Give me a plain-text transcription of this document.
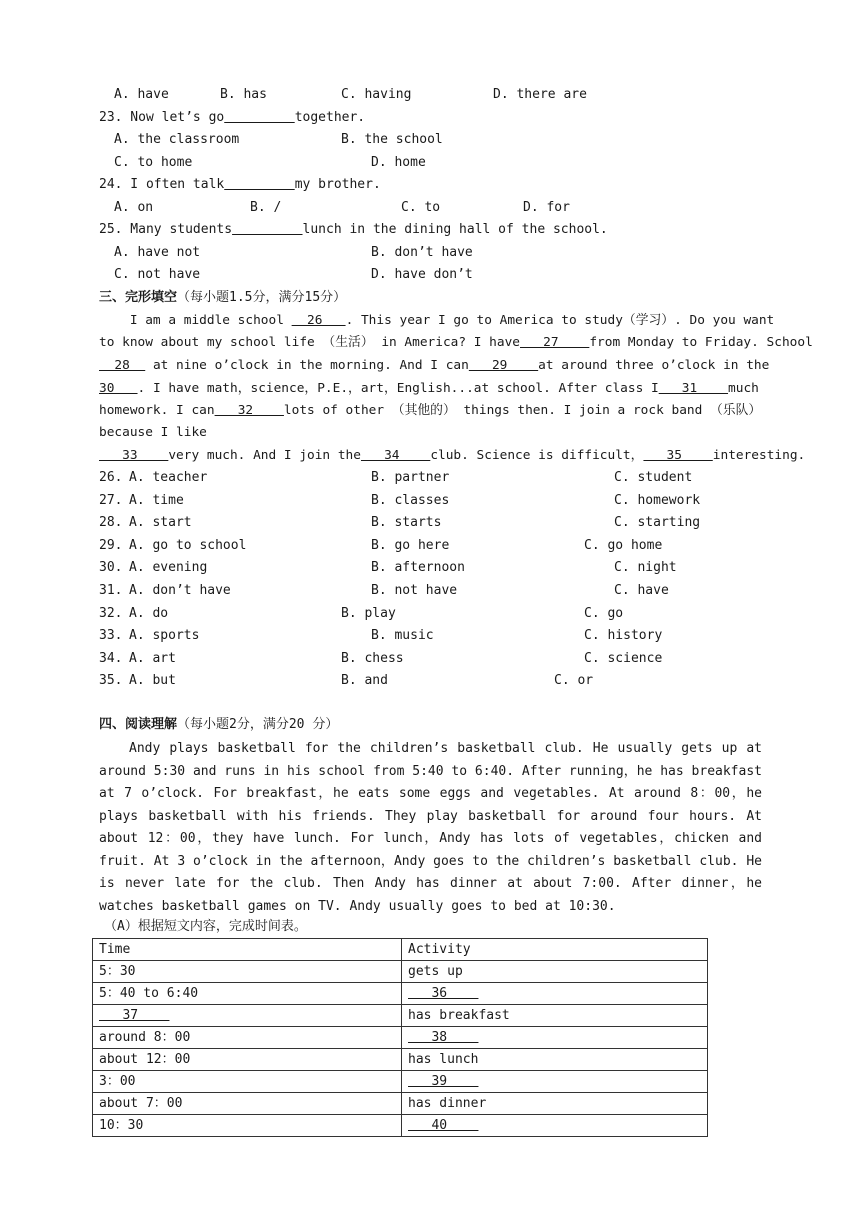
A. have	B. has	C. having	D. there are
23. Now let’s go	together.
A. the classroom	B. the school
C. to home	D. home
24. I often talk	my brother.
A. on	B. /	C. to	D. for
25. Many students	lunch in the dining hall of the school.
A. have not	B. don’t have
C. not have	D. have don’t
三、完形填空（每小题1.5分，满分15分）
I am a middle school   26   . This year I go to America to study（学习）. Do you want
to know about my school life （生活） in America? I have   27    from Monday to Friday. School
28   at nine o’clock in the morning. And I can   29    at around three o’clock in the
30   . I have math，science，P.E.，art，English...at school. After class I   31    much
homework. I can   32    lots of other （其他的） things then. I join a rock band （乐队）
because I like
33    very much. And I join the   34    club. Science is difficult，   35    interesting.
26. A. teacher	B. partner	C. student
27. A. time	B. classes	C. homework
28. A. start	B. starts	C. starting
29. A. go to school	B. go here	C. go home
30. A. evening	B. afternoon	C. night
31. A. don’t have	B. not have	C. have
32. A. do	B. play	C. go
33. A. sports	B. music	C. history
34. A. art	B. chess	C. science
35. A. but	B. and	C. or
四、阅读理解（每小题2分，满分20 分）

Andy plays basketball for the children’s basketball club. He usually gets up at around 5:30 and runs in his school from 5:40 to 6:40. After running，he has breakfast at 7 o’clock. For breakfast，he eats some eggs and vegetables. At around 8：00，he plays basketball with his friends. They play basketball for around four hours. At about 12：00，they have lunch. For lunch，Andy has lots of vegetables，chicken and fruit. At 3 o’clock in the afternoon，Andy goes to the children’s basketball club. He is never late for the club. Then Andy has dinner at about 7:00. After dinner，he watches basketball games on TV. Andy usually goes to bed at 10:30.

（A）根据短文内容，完成时间表。
Time	Activity
5：30	gets up
5：40 to 6:40	36
37	has breakfast
around 8：00	38
about 12：00	has lunch
3：00	39
about 7：00	has dinner
10：30	40
